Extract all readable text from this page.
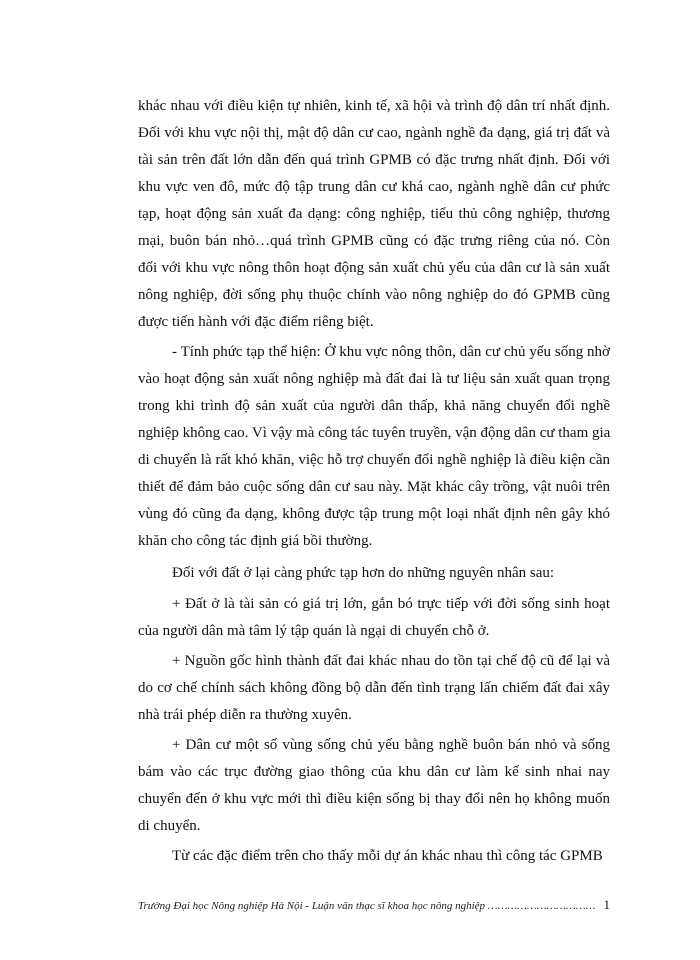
khác nhau với điều kiện tự nhiên, kinh tế, xã hội và trình độ dân trí nhất định.
Đối với khu vực nội thị, mật độ dân cư cao, ngành nghề đa dạng, giá trị đất và
tài sản trên đất lớn dẫn đến quá trình GPMB có đặc trưng nhất định. Đối với
khu vực ven đô, mức độ tập trung dân cư khá cao, ngành nghề dân cư phức
tạp, hoạt động sản xuất đa dạng: công nghiệp, tiểu thủ công nghiệp, thương
mại, buôn bán nhỏ…quá trình GPMB cũng có đặc trưng riêng của nó. Còn
đối với khu vực nông thôn hoạt động sản xuất chủ yếu của dân cư là sản xuất
nông nghiệp, đời sống phụ thuộc chính vào nông nghiệp do đó GPMB cũng
được tiến hành với đặc điểm riêng biệt.
- Tính phức tạp thể hiện: Ở khu vực nông thôn, dân cư chủ yếu sống nhờ
vào hoạt động sản xuất nông nghiệp mà đất đai là tư liệu sản xuất quan trọng
trong khi trình độ sản xuất của người dân thấp, khả năng chuyển đổi nghề
nghiệp không cao. Vì vậy mà công tác tuyên truyền, vận động dân cư tham gia
di chuyển là rất khó khăn, việc hỗ trợ chuyển đổi nghề nghiệp là điều kiện cần
thiết để đảm bảo cuộc sống dân cư sau này. Mặt khác cây trồng, vật nuôi trên
vùng đó cũng đa dạng, không được tập trung một loại nhất định nên gây khó
khăn cho công tác định giá bồi thường.
Đối với đất ở lại càng phức tạp hơn do những nguyên nhân sau:
+ Đất ở là tài sản có giá trị lớn, gắn bó trực tiếp với đời sống sinh hoạt
của người dân mà tâm lý tập quán là ngại di chuyển chỗ ở.
+ Nguồn gốc hình thành đất đai khác nhau do tồn tại chế độ cũ để lại và
do cơ chế chính sách không đồng bộ dẫn đến tình trạng lấn chiếm đất đai xây
nhà trái phép diễn ra thường xuyên.
+ Dân cư một số vùng sống chủ yếu bằng nghề buôn bán nhỏ và sống
bám vào các trục đường giao thông của khu dân cư làm kế sinh nhai nay
chuyển đến ở khu vực mới thì điều kiện sống bị thay đổi nên họ không muốn
di chuyển.
Từ các đặc điểm trên cho thấy mỗi dự án khác nhau thì công tác GPMB
Trường Đại học Nông nghiệp Hà Nội - Luận văn thạc sĩ khoa học nông nghiệp …………………………… 1
